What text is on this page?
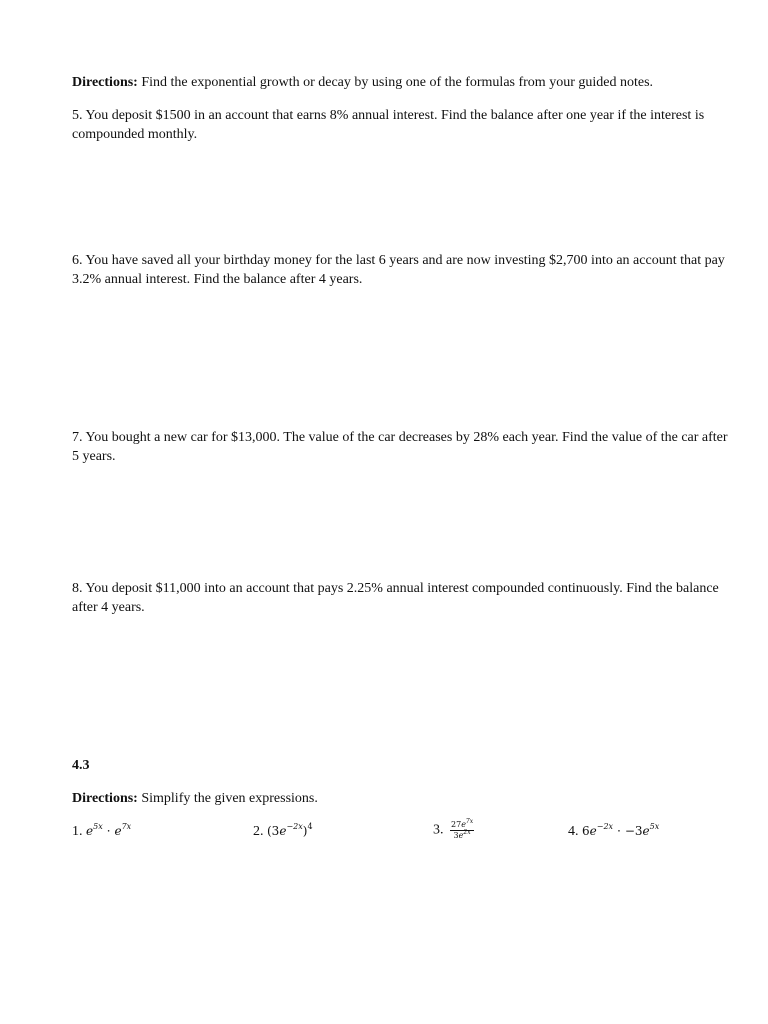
Directions: Find the exponential growth or decay by using one of the formulas from your guided notes.

5. You deposit $1500 in an account that earns 8% annual interest. Find the balance after one year if the interest is compounded monthly.

6. You have saved all your birthday money for the last 6 years and are now investing $2,700 into an account that pay 3.2% annual interest. Find the balance after 4 years.

7. You bought a new car for $13,000. The value of the car decreases by 28% each year. Find the value of the car after 5 years.

8. You deposit $11,000 into an account that pays 2.25% annual interest compounded continuously. Find the balance after 4 years.

4.3

Directions: Simplify the given expressions.

1. $e^{5x} \cdot e^{7x}$	2. $(3e^{-2x})^4$	3. $\frac{27e^{7x}}{3e^{2x}}$	4. $6e^{-2x} \cdot -3e^{5x}$
